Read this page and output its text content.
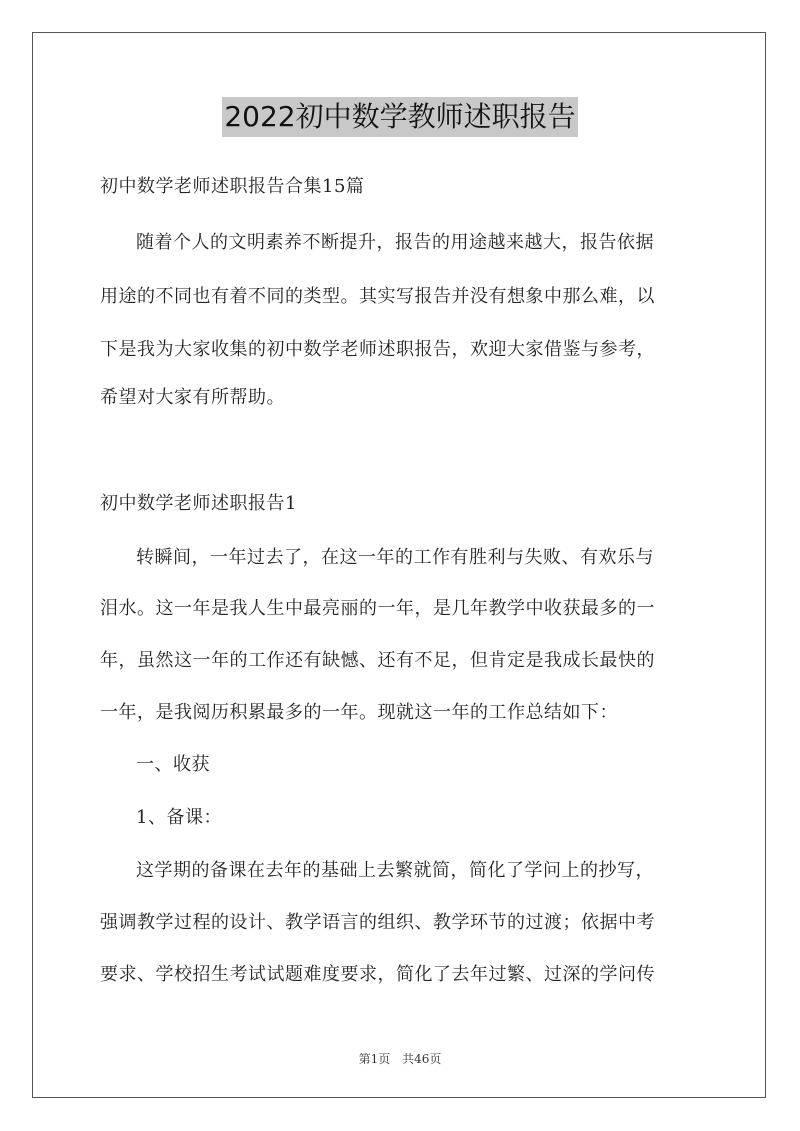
2022初中数学教师述职报告

初中数学老师述职报告合集15篇

随着个人的文明素养不断提升，报告的用途越来越大，报告依据

用途的不同也有着不同的类型。其实写报告并没有想象中那么难，以

下是我为大家收集的初中数学老师述职报告，欢迎大家借鉴与参考，

希望对大家有所帮助。

初中数学老师述职报告1

转瞬间，一年过去了，在这一年的工作有胜利与失败、有欢乐与

泪水。这一年是我人生中最亮丽的一年，是几年教学中收获最多的一

年，虽然这一年的工作还有缺憾、还有不足，但肯定是我成长最快的

一年，是我阅历积累最多的一年。现就这一年的工作总结如下：

一、收获

1、备课：

这学期的备课在去年的基础上去繁就简，简化了学问上的抄写，

强调教学过程的设计、教学语言的组织、教学环节的过渡；依据中考

要求、学校招生考试试题难度要求，简化了去年过繁、过深的学问传

第1页 共46页
